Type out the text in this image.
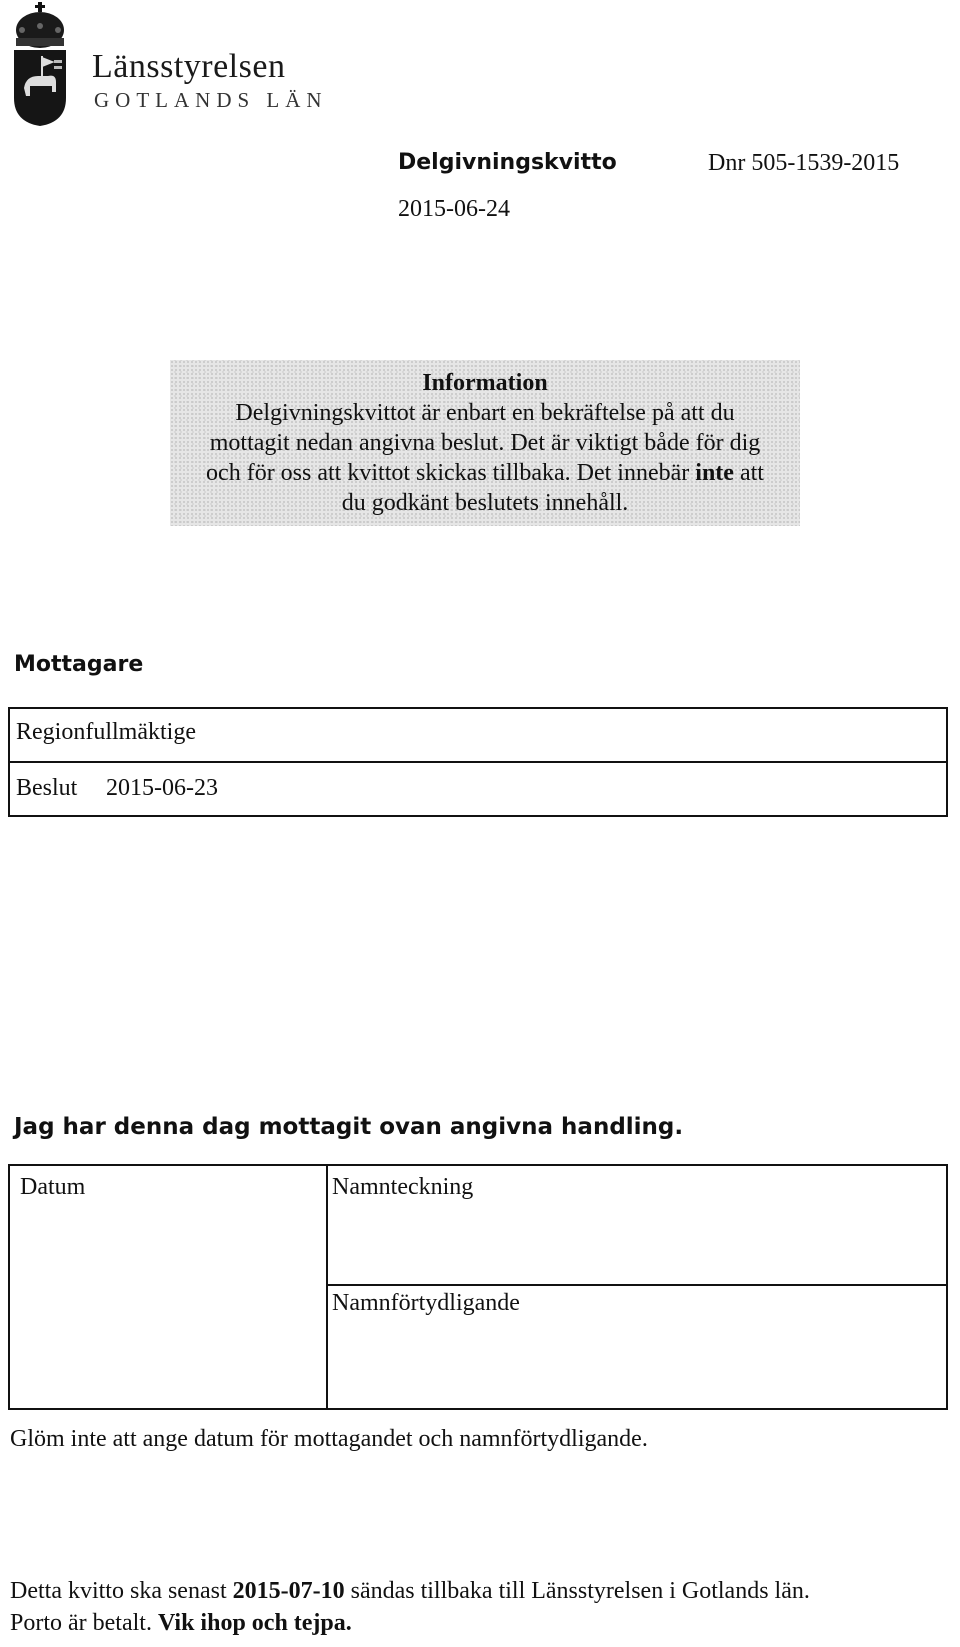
Länsstyrelsen
GOTLANDS LÄN
Delgivningskvitto	Dnr 505-1539-2015
2015-06-24
Information
Delgivningskvittot är enbart en bekräftelse på att du
mottagit nedan angivna beslut. Det är viktigt både för dig
och för oss att kvittot skickas tillbaka. Det innebär inte att
du godkänt beslutets innehåll.
Mottagare
Regionfullmäktige
Beslut 2015-06-23
Jag har denna dag mottagit ovan angivna handling.
Datum	Namnteckning
Namnförtydligande
Glöm inte att ange datum för mottagandet och namnförtydligande.
Detta kvitto ska senast 2015-07-10 sändas tillbaka till Länsstyrelsen i Gotlands län.
Porto är betalt. Vik ihop och tejpa.
